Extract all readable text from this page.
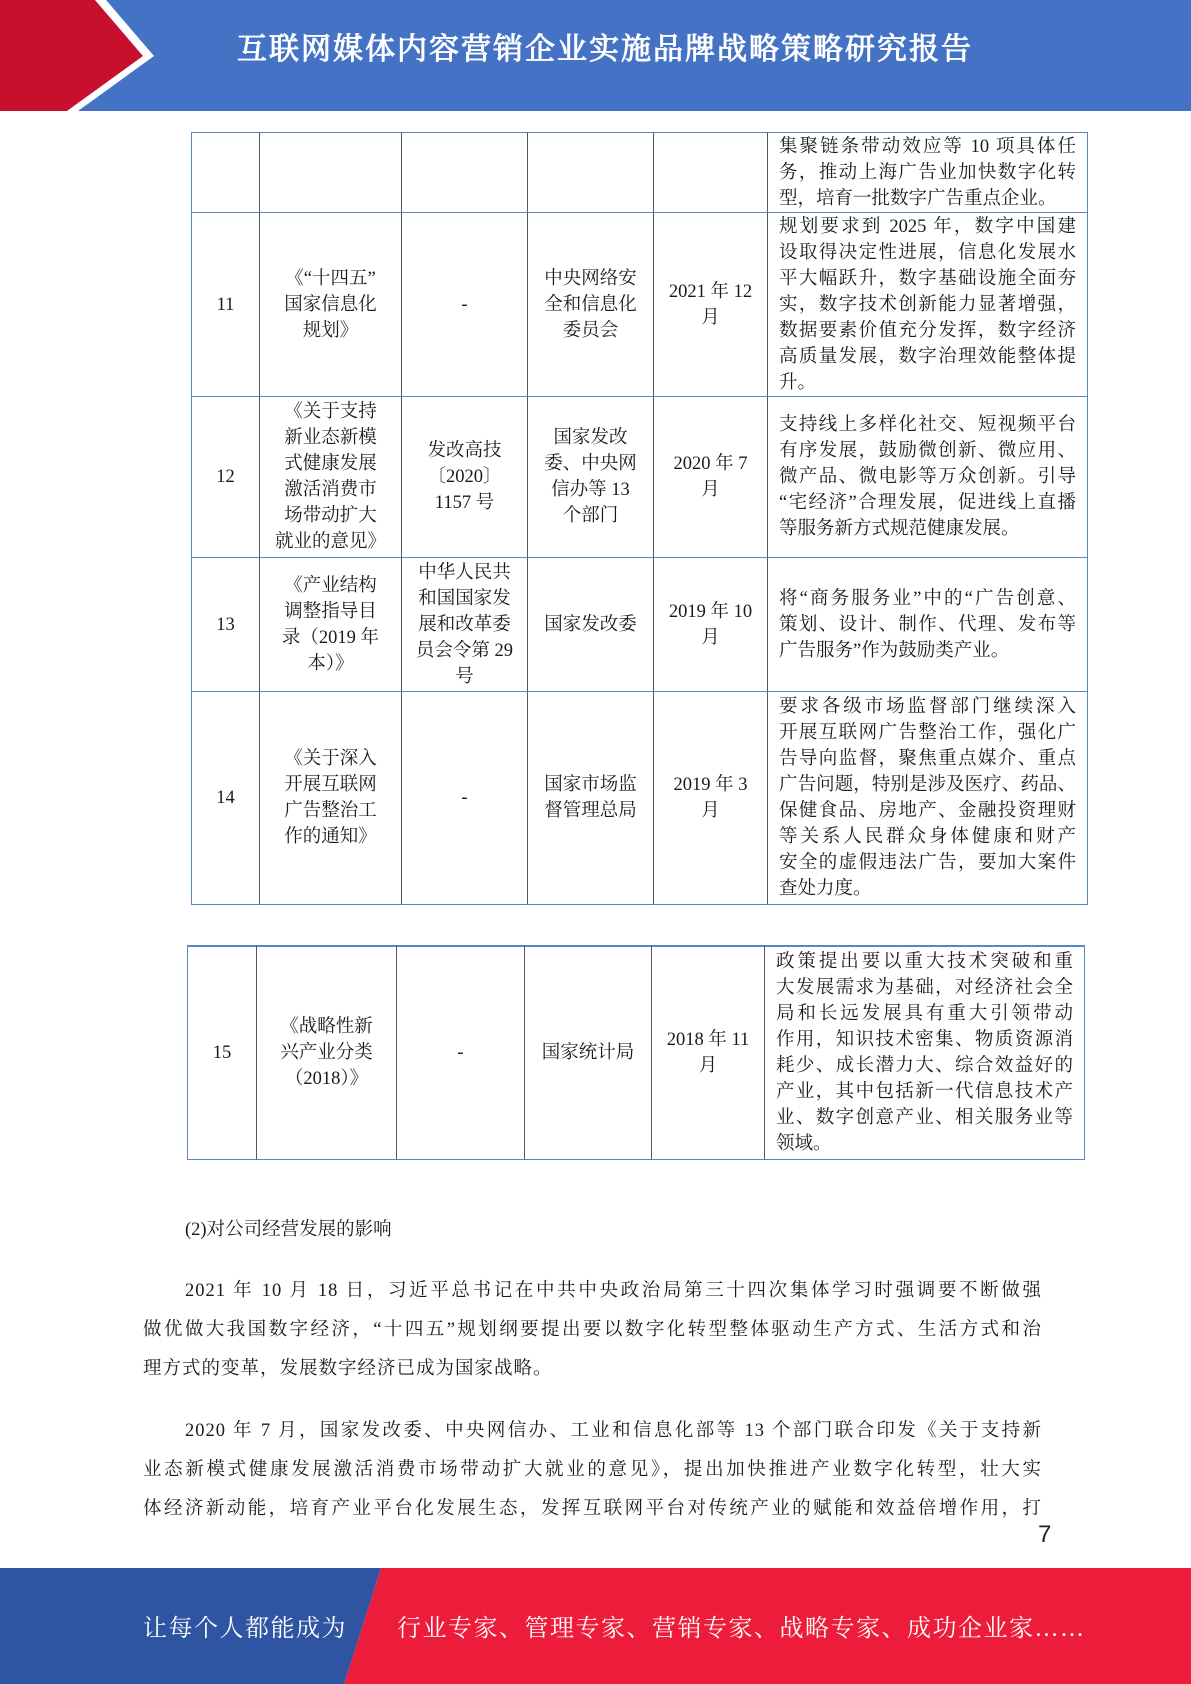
互联网媒体内容营销企业实施品牌战略策略研究报告
集聚链条带动效应等 10 项具体任
务，推动上海广告业加快数字化转
型，培育一批数字广告重点企业。
11
《“十四五”
国家信息化
规划》
-
中央网络安
全和信息化
委员会
2021 年 12
月
规划要求到 2025 年，数字中国建
设取得决定性进展，信息化发展水
平大幅跃升，数字基础设施全面夯
实，数字技术创新能力显著增强，
数据要素价值充分发挥，数字经济
高质量发展，数字治理效能整体提
升。
12
《关于支持
新业态新模
式健康发展
激活消费市
场带动扩大
就业的意见》
发改高技
〔2020〕
1157 号
国家发改
委、中央网
信办等 13
个部门
2020 年 7
月
支持线上多样化社交、短视频平台
有序发展，鼓励微创新、微应用、
微产品、微电影等万众创新。引导
“宅经济”合理发展，促进线上直播
等服务新方式规范健康发展。
13
《产业结构
调整指导目
录（2019 年
本）》
中华人民共
和国国家发
展和改革委
员会令第 29
号
国家发改委
2019 年 10
月
将“商务服务业”中的“广告创意、
策划、设计、制作、代理、发布等
广告服务”作为鼓励类产业。
14
《关于深入
开展互联网
广告整治工
作的通知》
-
国家市场监
督管理总局
2019 年 3
月
要求各级市场监督部门继续深入
开展互联网广告整治工作，强化广
告导向监督，聚焦重点媒介、重点
广告问题，特别是涉及医疗、药品、
保健食品、房地产、金融投资理财
等关系人民群众身体健康和财产
安全的虚假违法广告，要加大案件
查处力度。
15
《战略性新
兴产业分类
（2018）》
-	国家统计局
2018 年 11
月
政策提出要以重大技术突破和重
大发展需求为基础，对经济社会全
局和长远发展具有重大引领带动
作用，知识技术密集、物质资源消
耗少、成长潜力大、综合效益好的
产业，其中包括新一代信息技术产
业、数字创意产业、相关服务业等
领域。
(2)对公司经营发展的影响
2021 年 10 月 18 日，习近平总书记在中共中央政治局第三十四次集体学习时强调要不断做强
做优做大我国数字经济，“十四五”规划纲要提出要以数字化转型整体驱动生产方式、生活方式和治
理方式的变革，发展数字经济已成为国家战略。
2020 年 7 月，国家发改委、中央网信办、工业和信息化部等 13 个部门联合印发《关于支持新
业态新模式健康发展激活消费市场带动扩大就业的意见》，提出加快推进产业数字化转型，壮大实
体经济新动能，培育产业平台化发展生态，发挥互联网平台对传统产业的赋能和效益倍增作用，打
7
让每个人都能成为 行业专家、管理专家、营销专家、战略专家、成功企业家……
